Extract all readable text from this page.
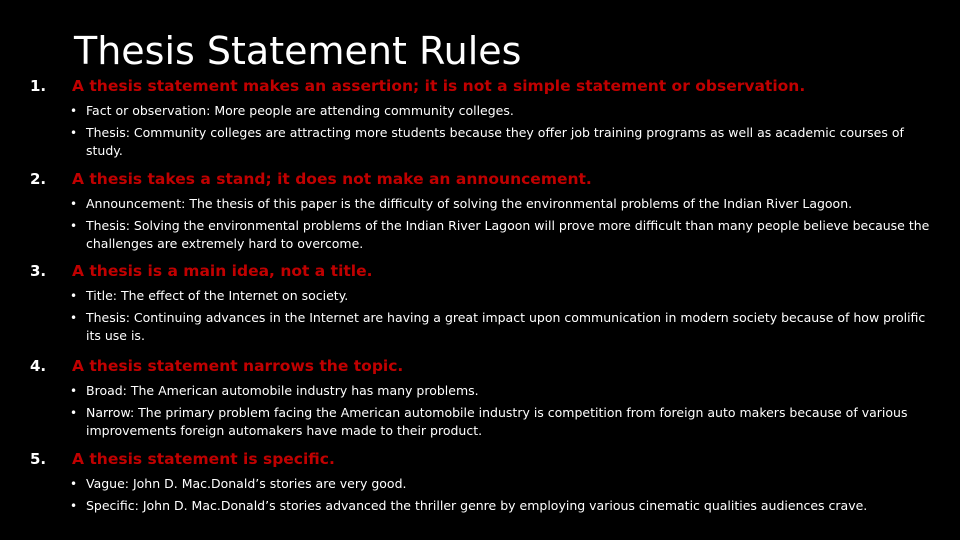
Thesis Statement Rules
1.	A thesis statement makes an assertion; it is not a simple statement or observation.
• Fact or observation: More people are attending community colleges.
• Thesis: Community colleges are attracting more students because they offer job training programs as well as academic courses of study.
2.	A thesis takes a stand; it does not make an announcement.
• Announcement: The thesis of this paper is the difficulty of solving the environmental problems of the Indian River Lagoon.
• Thesis: Solving the environmental problems of the Indian River Lagoon will prove more difficult than many people believe because the challenges are extremely hard to overcome.
3.	A thesis is a main idea, not a title.
• Title: The effect of the Internet on society.
• Thesis: Continuing advances in the Internet are having a great impact upon communication in modern society because of how prolific its use is.
4.	A thesis statement narrows the topic.
• Broad: The American automobile industry has many problems.
• Narrow: The primary problem facing the American automobile industry is competition from foreign auto makers because of various improvements foreign automakers have made to their product.
5.	A thesis statement is specific.
• Vague: John D. Mac.Donald’s stories are very good.
• Specific: John D. Mac.Donald’s stories advanced the thriller genre by employing various cinematic qualities audiences crave.
